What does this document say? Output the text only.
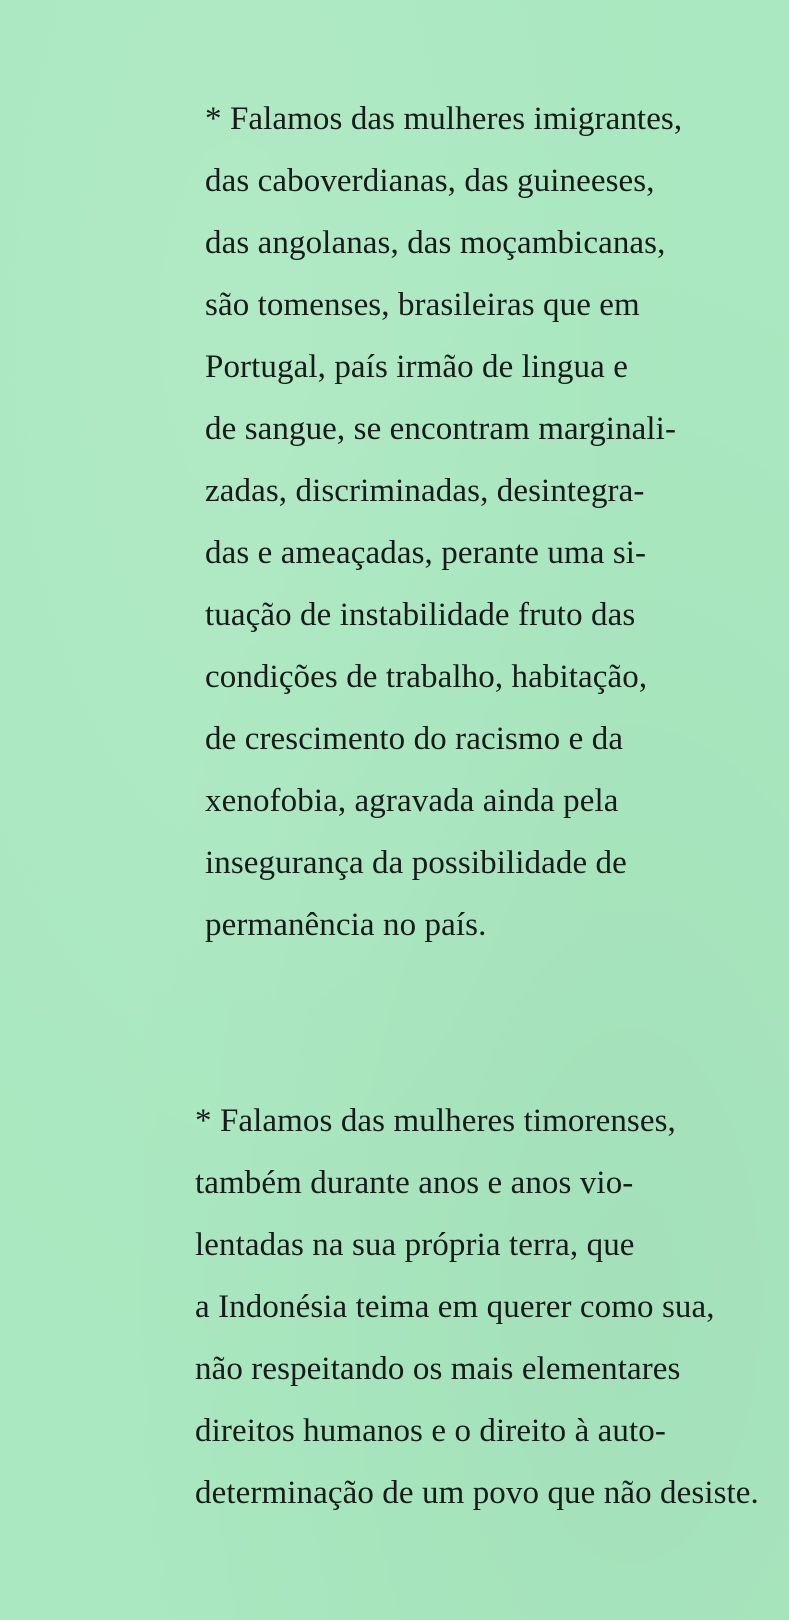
* Falamos das mulheres imigrantes,
das caboverdianas, das guineeses,
das angolanas, das moçambicanas,
são tomenses, brasileiras que em
Portugal, país irmão de lingua e
de sangue, se encontram marginali-
zadas, discriminadas, desintegra-
das e ameaçadas, perante uma si-
tuação de instabilidade fruto das
condições de trabalho, habitação,
de crescimento do racismo e da
xenofobia, agravada ainda pela
insegurança da possibilidade de
permanência no país.
* Falamos das mulheres timorenses,
também durante anos e anos vio-
lentadas na sua própria terra, que
a Indonésia teima em querer como sua,
não respeitando os mais elementares
direitos humanos e o direito à auto-
determinação de um povo que não desiste.
